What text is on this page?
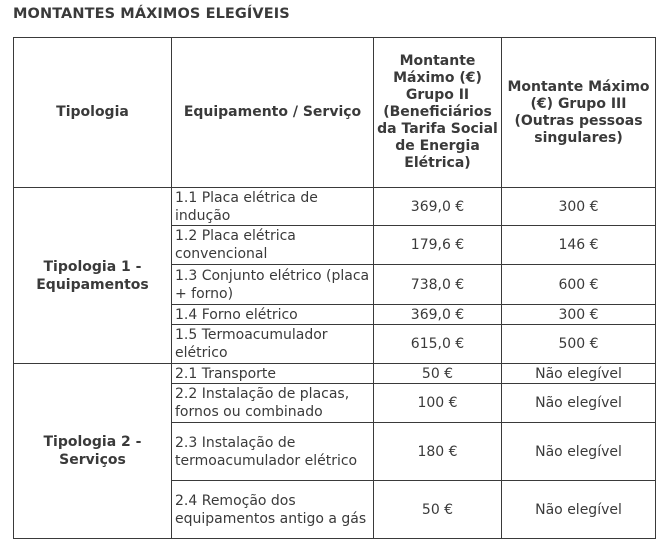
MONTANTES MÁXIMOS ELEGÍVEIS
Tipologia	Equipamento / Serviço	Montante Máximo (€) Grupo II (Beneficiários da Tarifa Social de Energia Elétrica)	Montante Máximo (€) Grupo III (Outras pessoas singulares)
Tipologia 1 - Equipamentos	1.1 Placa elétrica de indução	369,0 €	300 €
	1.2 Placa elétrica convencional	179,6 €	146 €
	1.3 Conjunto elétrico (placa + forno)	738,0 €	600 €
	1.4 Forno elétrico	369,0 €	300 €
	1.5 Termoacumulador elétrico	615,0 €	500 €
Tipologia 2 - Serviços	2.1 Transporte	50 €	Não elegível
	2.2 Instalação de placas, fornos ou combinado	100 €	Não elegível
	2.3 Instalação de termoacumulador elétrico	180 €	Não elegível
	2.4 Remoção dos equipamentos antigo a gás	50 €	Não elegível
